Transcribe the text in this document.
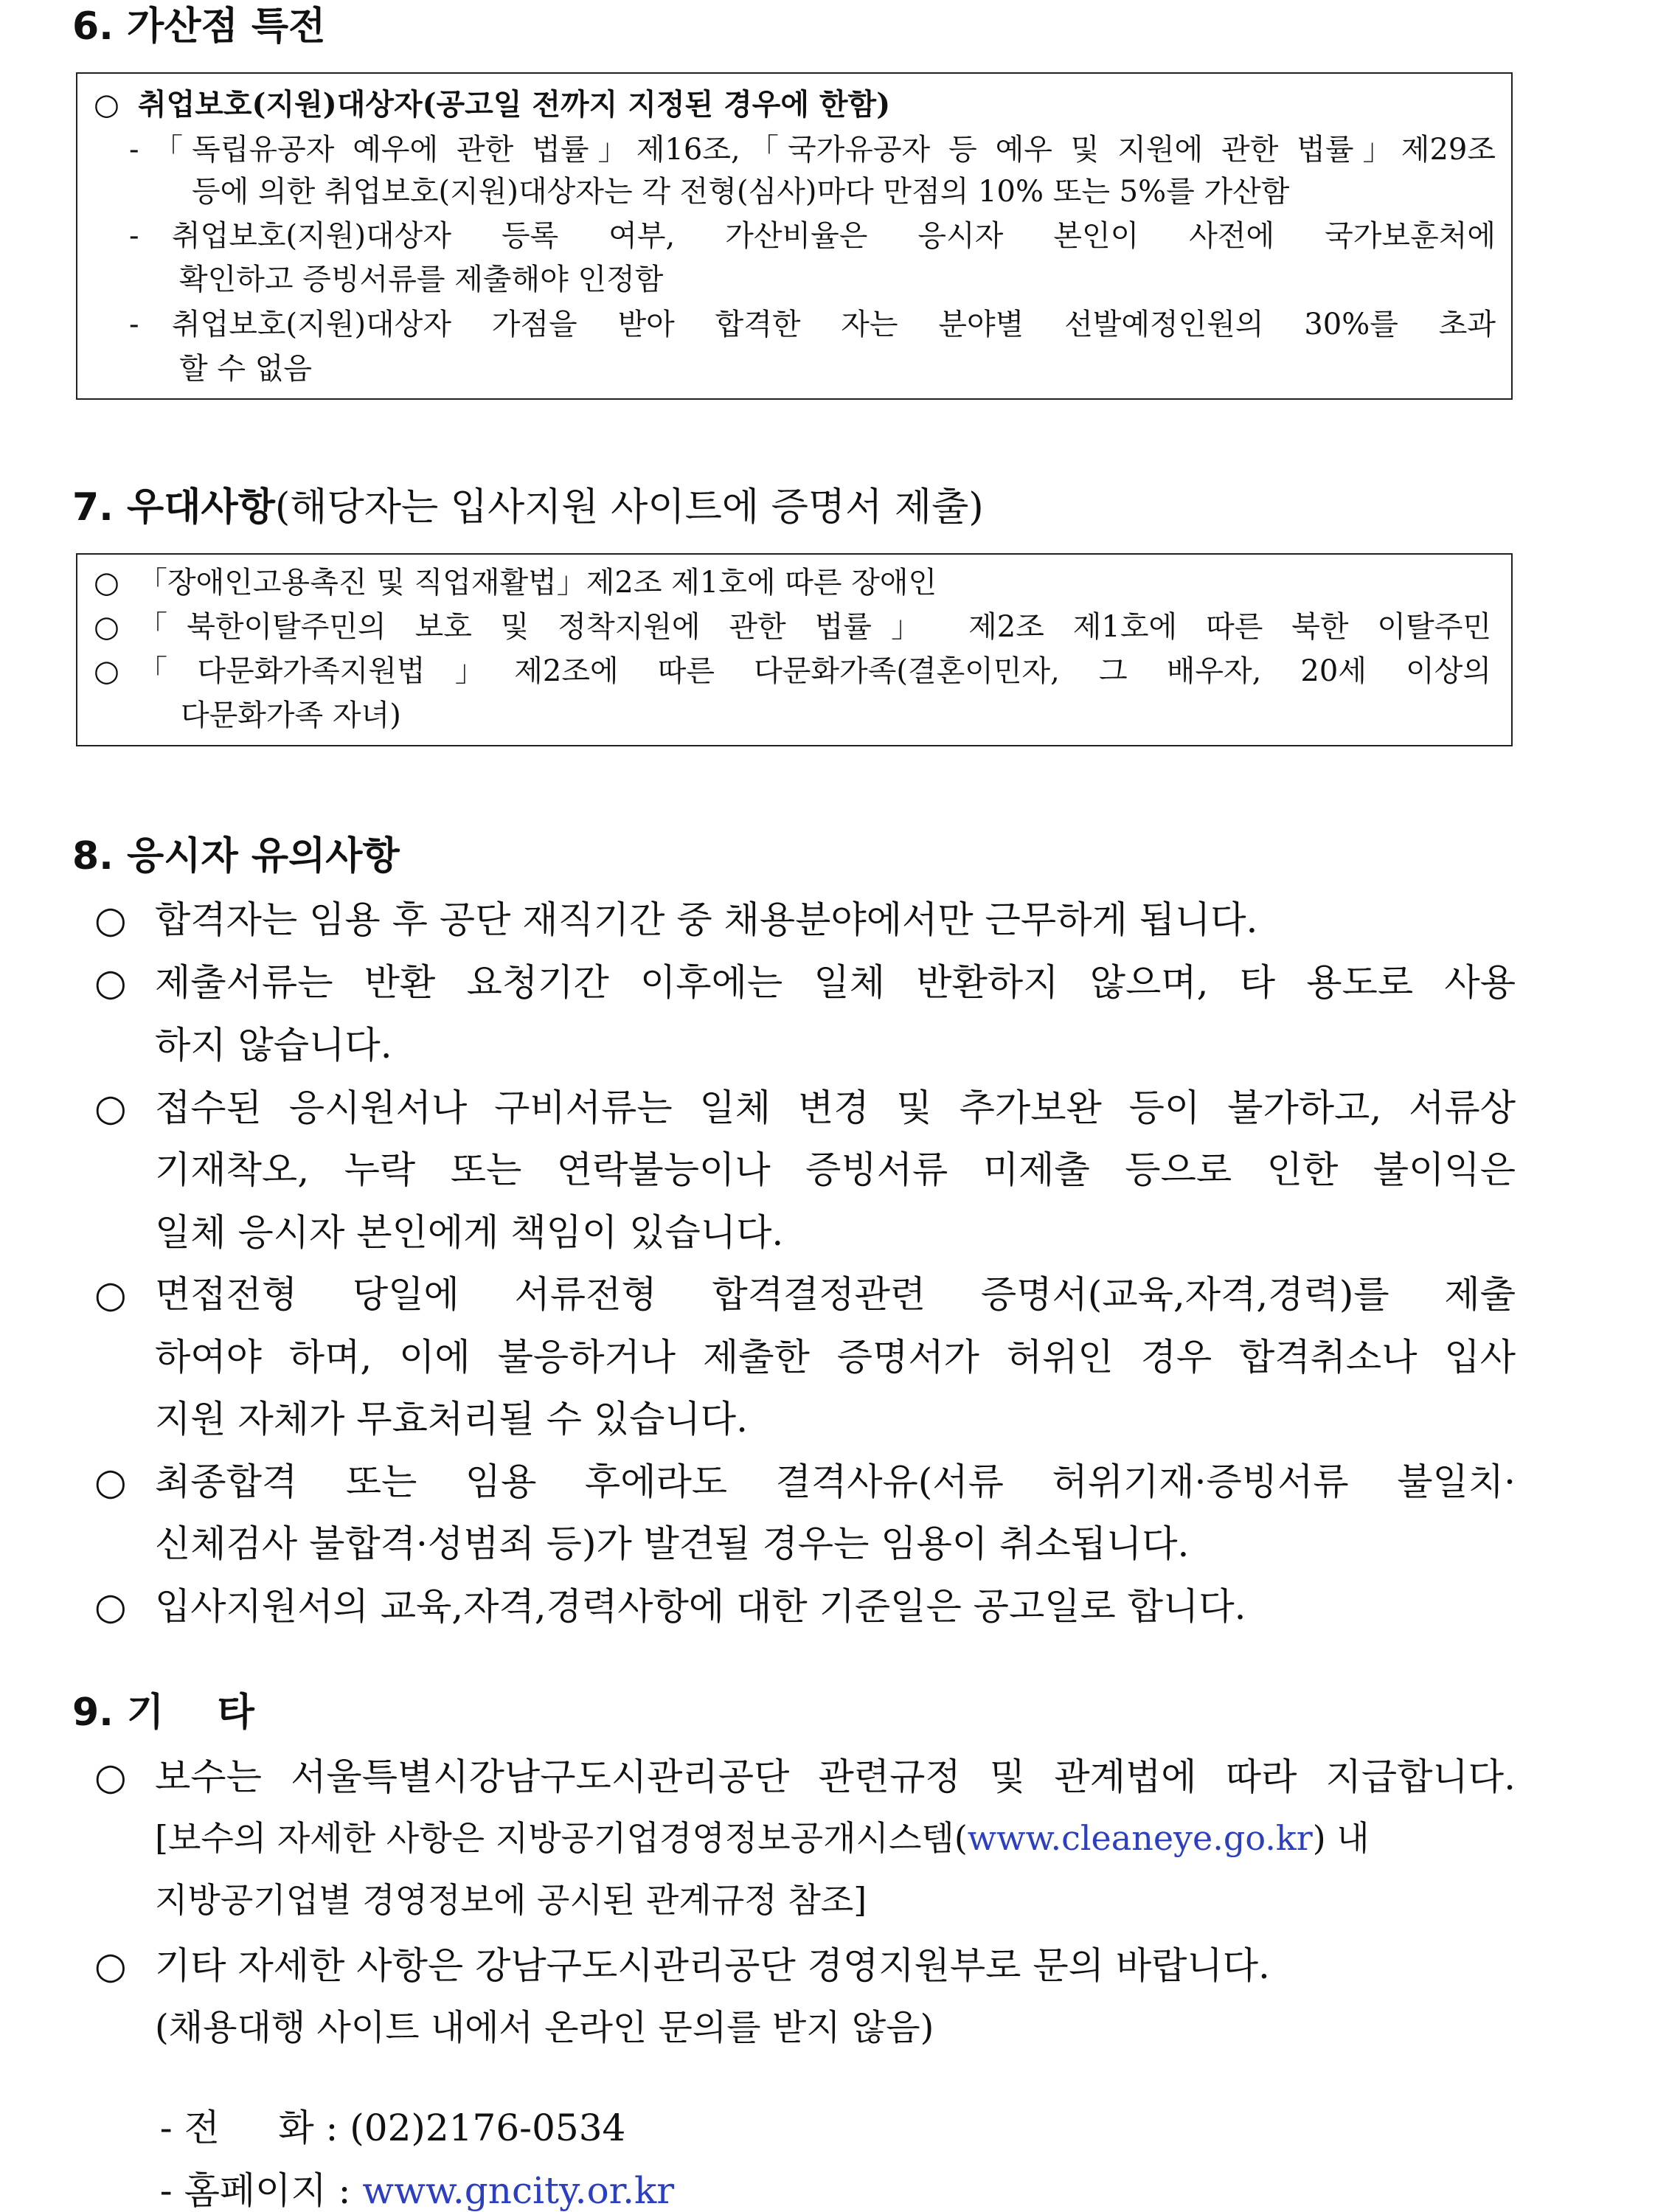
6. 가산점 특전
○ 취업보호(지원)대상자(공고일 전까지 지정된 경우에 한함)
- 「독립유공자 예우에 관한 법률」제16조,「국가유공자 등 예우 및 지원에 관한 법률」제29조
등에 의한 취업보호(지원)대상자는 각 전형(심사)마다 만점의 10% 또는 5%를 가산함
- 취업보호(지원)대상자 등록 여부, 가산비율은 응시자 본인이 사전에 국가보훈처에
확인하고 증빙서류를 제출해야 인정함
- 취업보호(지원)대상자 가점을 받아 합격한 자는 분야별 선발예정인원의 30%를 초과
할 수 없음
7. 우대사항(해당자는 입사지원 사이트에 증명서 제출)
○ 「장애인고용촉진 및 직업재활법」제2조 제1호에 따른 장애인
○ 「북한이탈주민의 보호 및 정착지원에 관한 법률」 제2조 제1호에 따른 북한 이탈주민
○ 「다문화가족지원법」제2조에 따른 다문화가족(결혼이민자, 그 배우자, 20세 이상의
다문화가족 자녀)
8. 응시자 유의사항
○ 합격자는 임용 후 공단 재직기간 중 채용분야에서만 근무하게 됩니다.
○ 제출서류는 반환 요청기간 이후에는 일체 반환하지 않으며, 타 용도로 사용
하지 않습니다.
○ 접수된 응시원서나 구비서류는 일체 변경 및 추가보완 등이 불가하고, 서류상
기재착오, 누락 또는 연락불능이나 증빙서류 미제출 등으로 인한 불이익은
일체 응시자 본인에게 책임이 있습니다.
○ 면접전형 당일에 서류전형 합격결정관련 증명서(교육,자격,경력)를 제출
하여야 하며, 이에 불응하거나 제출한 증명서가 허위인 경우 합격취소나 입사
지원 자체가 무효처리될 수 있습니다.
○ 최종합격 또는 임용 후에라도 결격사유(서류 허위기재·증빙서류 불일치·
신체검사 불합격·성범죄 등)가 발견될 경우는 임용이 취소됩니다.
○ 입사지원서의 교육,자격,경력사항에 대한 기준일은 공고일로 합니다.
9. 기    타
○ 보수는 서울특별시강남구도시관리공단 관련규정 및 관계법에 따라 지급합니다.
[보수의 자세한 사항은 지방공기업경영정보공개시스템(www.cleaneye.go.kr) 내
지방공기업별 경영정보에 공시된 관계규정 참조]
○ 기타 자세한 사항은 강남구도시관리공단 경영지원부로 문의 바랍니다.
(채용대행 사이트 내에서 온라인 문의를 받지 않음)

- 전     화 : (02)2176-0534

- 홈페이지 : www.gncity.or.kr
